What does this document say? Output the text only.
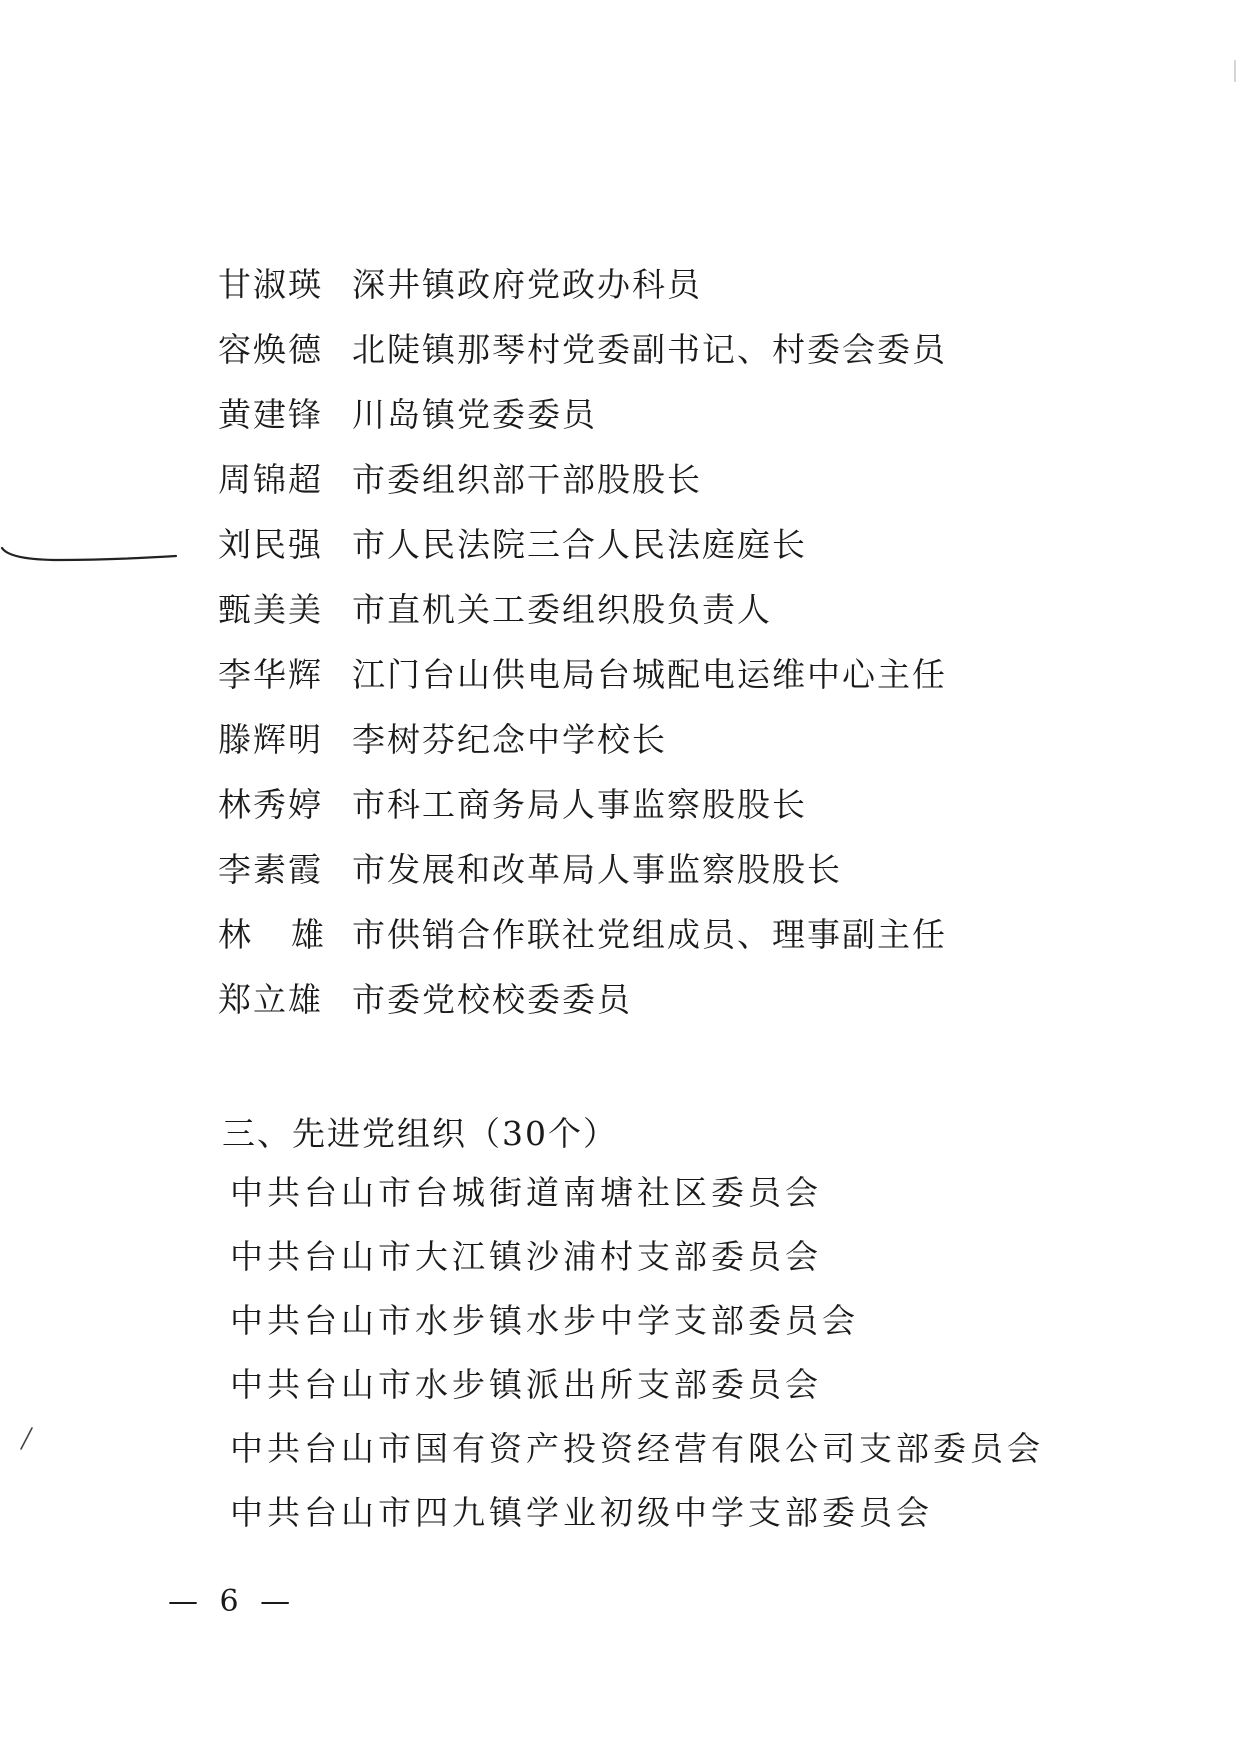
甘淑瑛 深井镇政府党政办科员
容焕德 北陡镇那琴村党委副书记、村委会委员
黄建锋 川岛镇党委委员
周锦超 市委组织部干部股股长
刘民强 市人民法院三合人民法庭庭长
甄美美 市直机关工委组织股负责人
李华辉 江门台山供电局台城配电运维中心主任
滕辉明 李树芬纪念中学校长
林秀婷 市科工商务局人事监察股股长
李素霞 市发展和改革局人事监察股股长
林雄
市供销合作联社党组成员、理事副主任
郑立雄 市委党校校委委员
三、先进党组织（30个）
中共台山市台城街道南塘社区委员会
中共台山市大江镇沙浦村支部委员会
中共台山市水步镇水步中学支部委员会
中共台山市水步镇派出所支部委员会
中共台山市国有资产投资经营有限公司支部委员会
中共台山市四九镇学业初级中学支部委员会
— 6 —
